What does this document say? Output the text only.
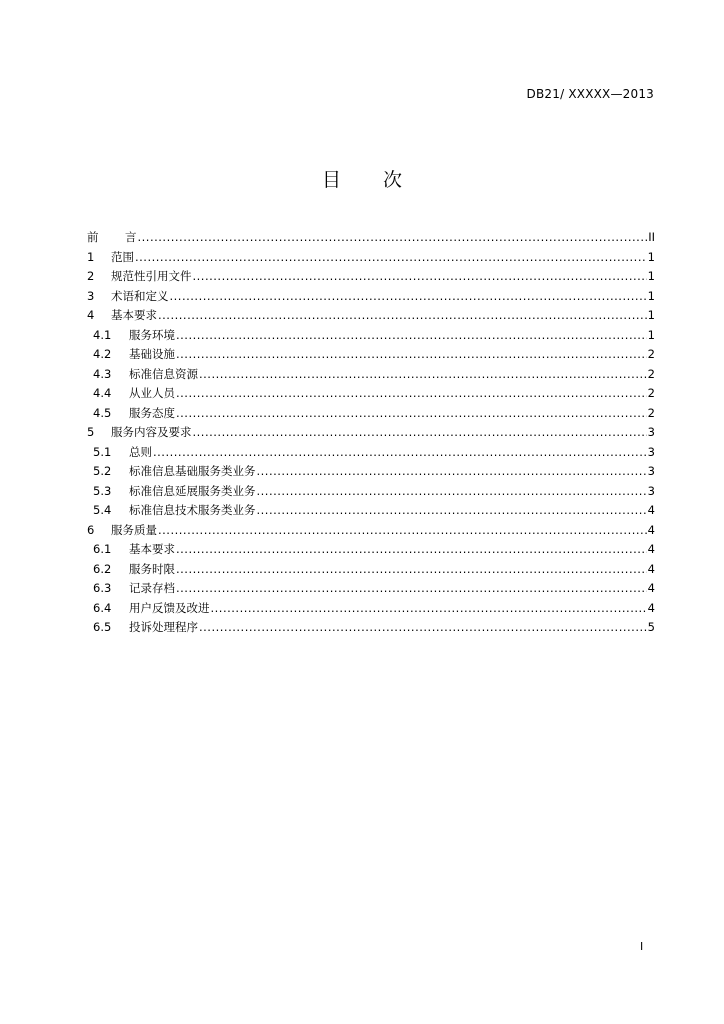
DB21/ XXXXX—2013
目 次
前	言 .....	II
1	范围 .....	1
2	规范性引用文件 .....	1
3	术语和定义 .....	1
4	基本要求 .....	1
4.1	服务环境 .....	1
4.2	基础设施 .....	2
4.3	标准信息资源 .....	2
4.4	从业人员 .....	2
4.5	服务态度 .....	2
5	服务内容及要求 .....	3
5.1	总则 .....	3
5.2	标准信息基础服务类业务 .....	3
5.3	标准信息延展服务类业务 .....	3
5.4	标准信息技术服务类业务 .....	4
6	服务质量 .....	4
6.1	基本要求 .....	4
6.2	服务时限 .....	4
6.3	记录存档 .....	4
6.4	用户反馈及改进 .....	4
6.5	投诉处理程序 .....	5
I
